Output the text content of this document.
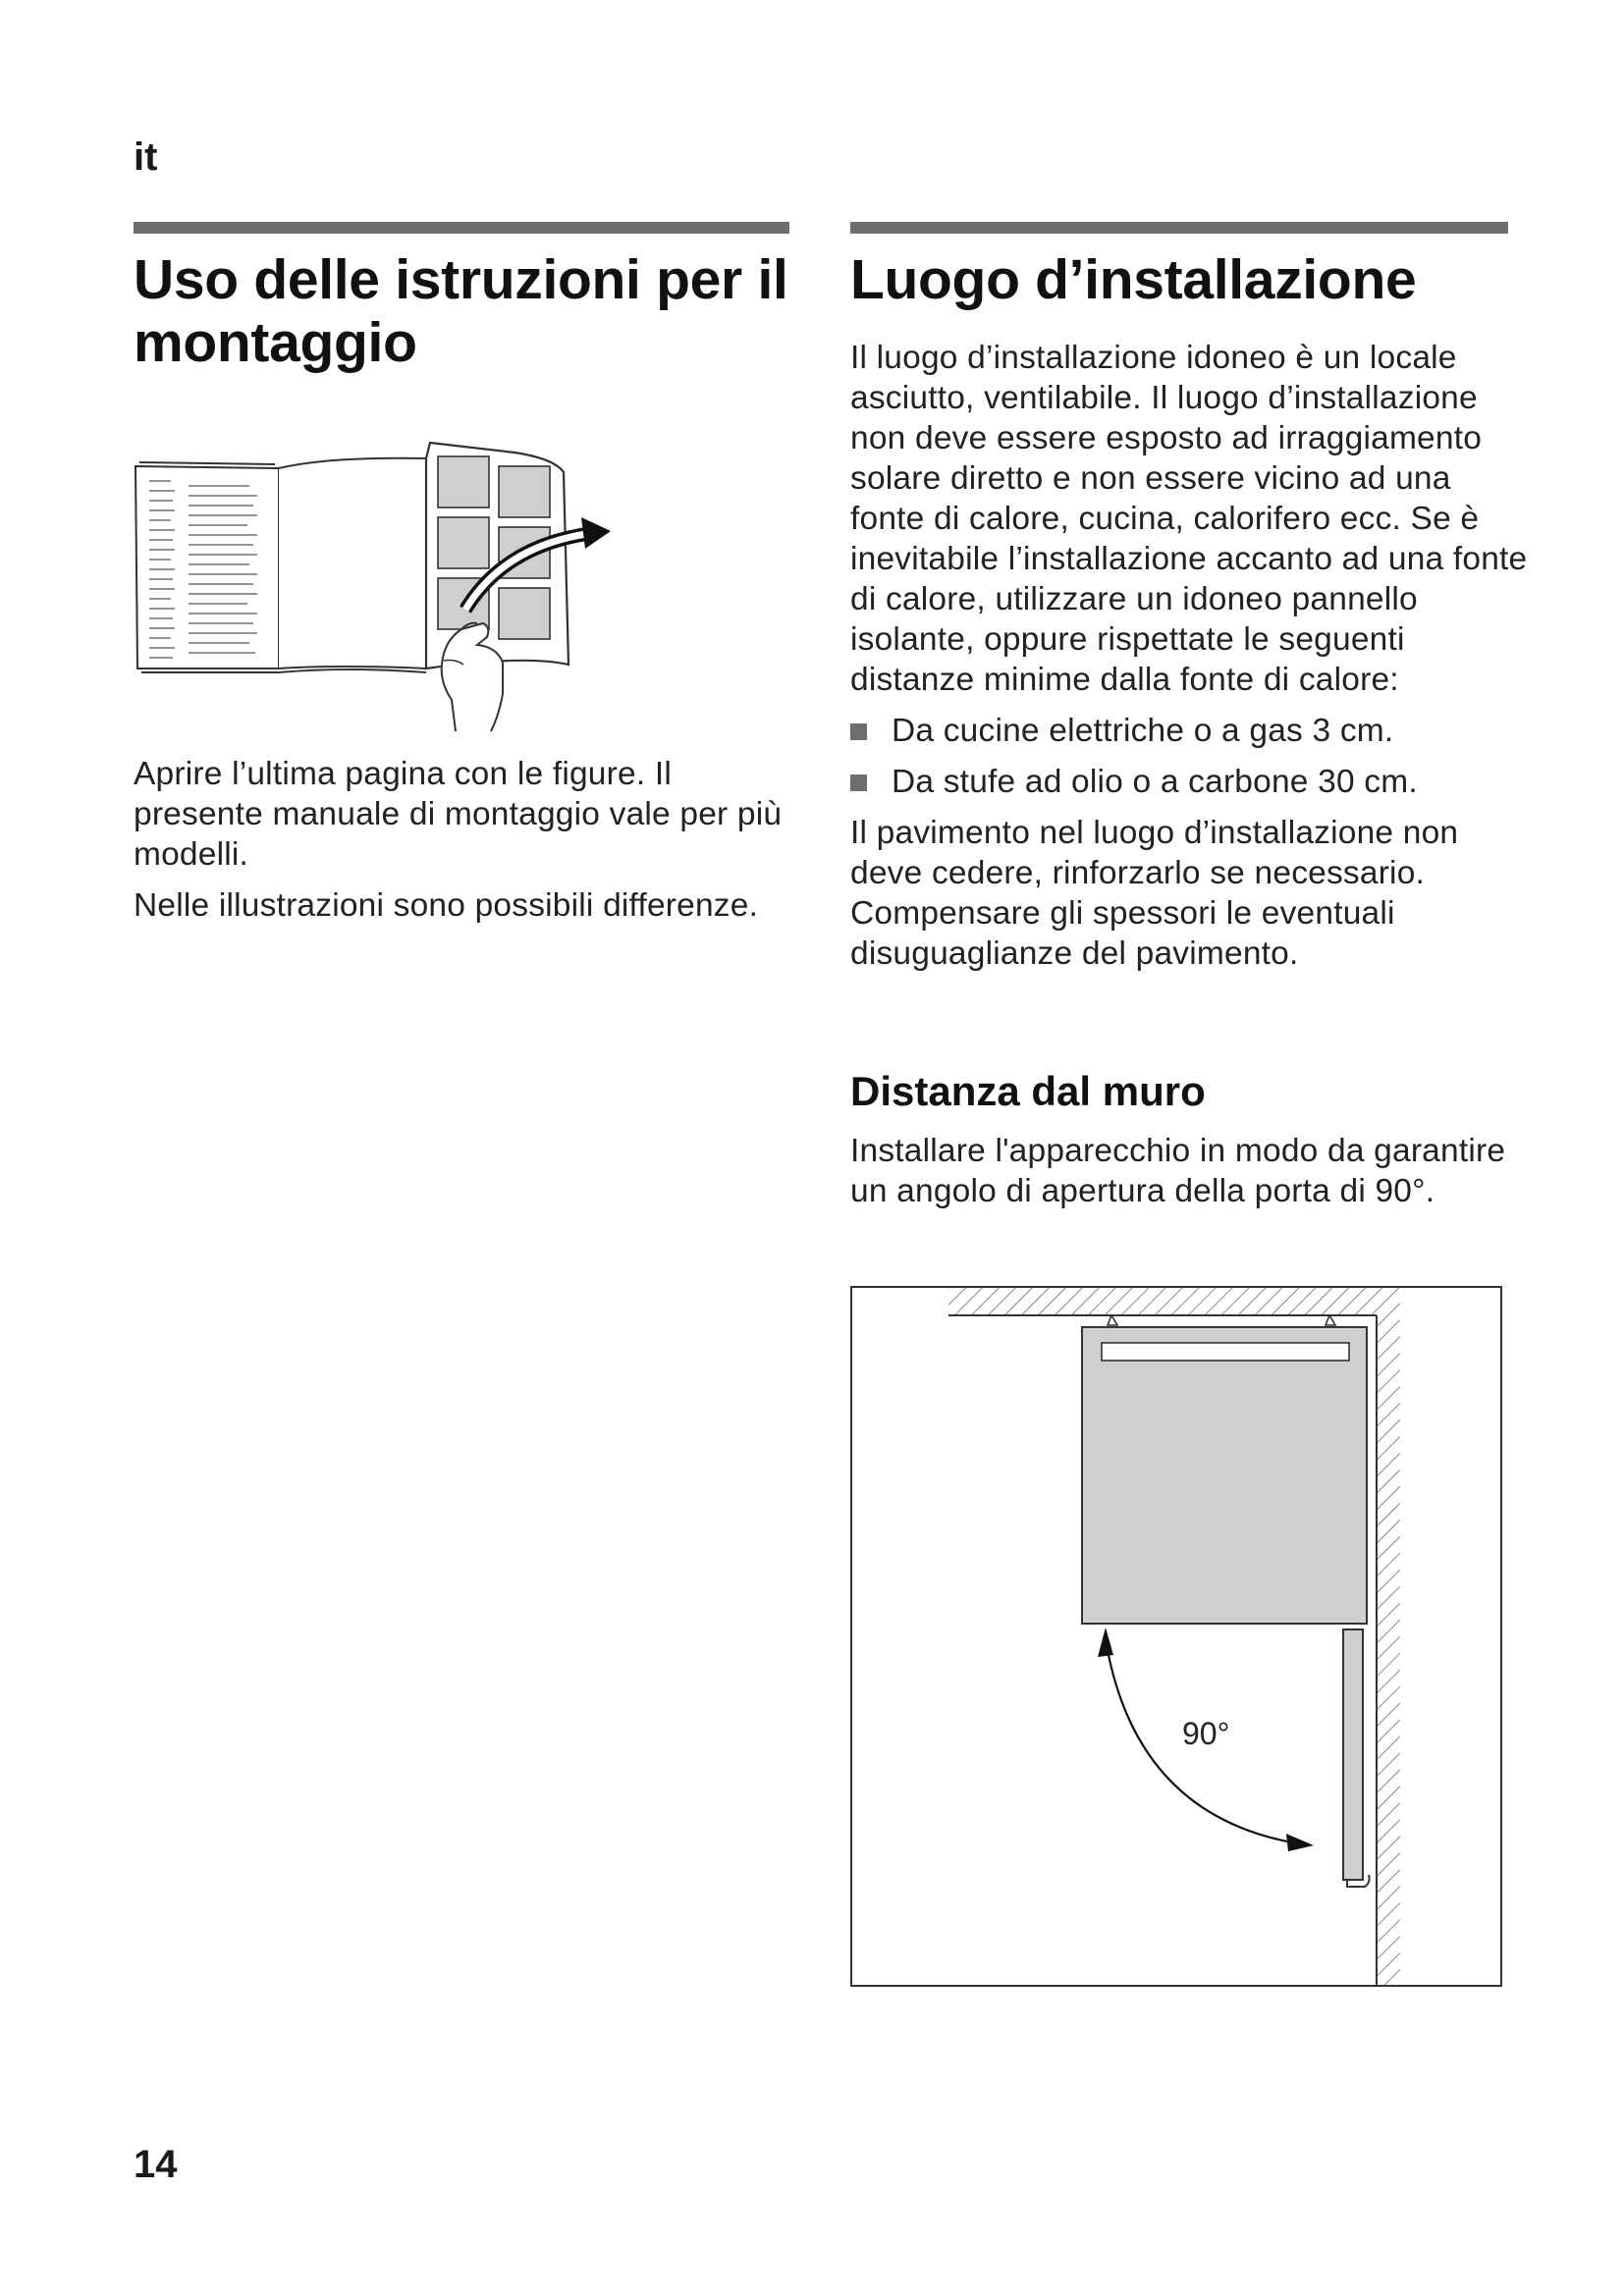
it
Uso delle istruzioni per il montaggio
Luogo d’installazione

Aprire l’ultima pagina con le figure. Il presente manuale di montaggio vale per più modelli.

Nelle illustrazioni sono possibili differenze.

Il luogo d’installazione idoneo è un locale asciutto, ventilabile. Il luogo d’installazione non deve essere esposto ad irraggiamento solare diretto e non essere vicino ad una fonte di calore, cucina, calorifero ecc. Se è inevitabile l’installazione accanto ad una fonte di calore, utilizzare un idoneo pannello isolante, oppure rispettate le seguenti distanze minime dalla fonte di calore:

Da cucine elettriche o a gas 3 cm.
Da stufe ad olio o a carbone 30 cm.

Il pavimento nel luogo d’installazione non deve cedere, rinforzarlo se necessario. Compensare gli spessori le eventuali disuguaglianze del pavimento.

Distanza dal muro

Installare l'apparecchio in modo da garantire un angolo di apertura della porta di 90°.

90°
14
